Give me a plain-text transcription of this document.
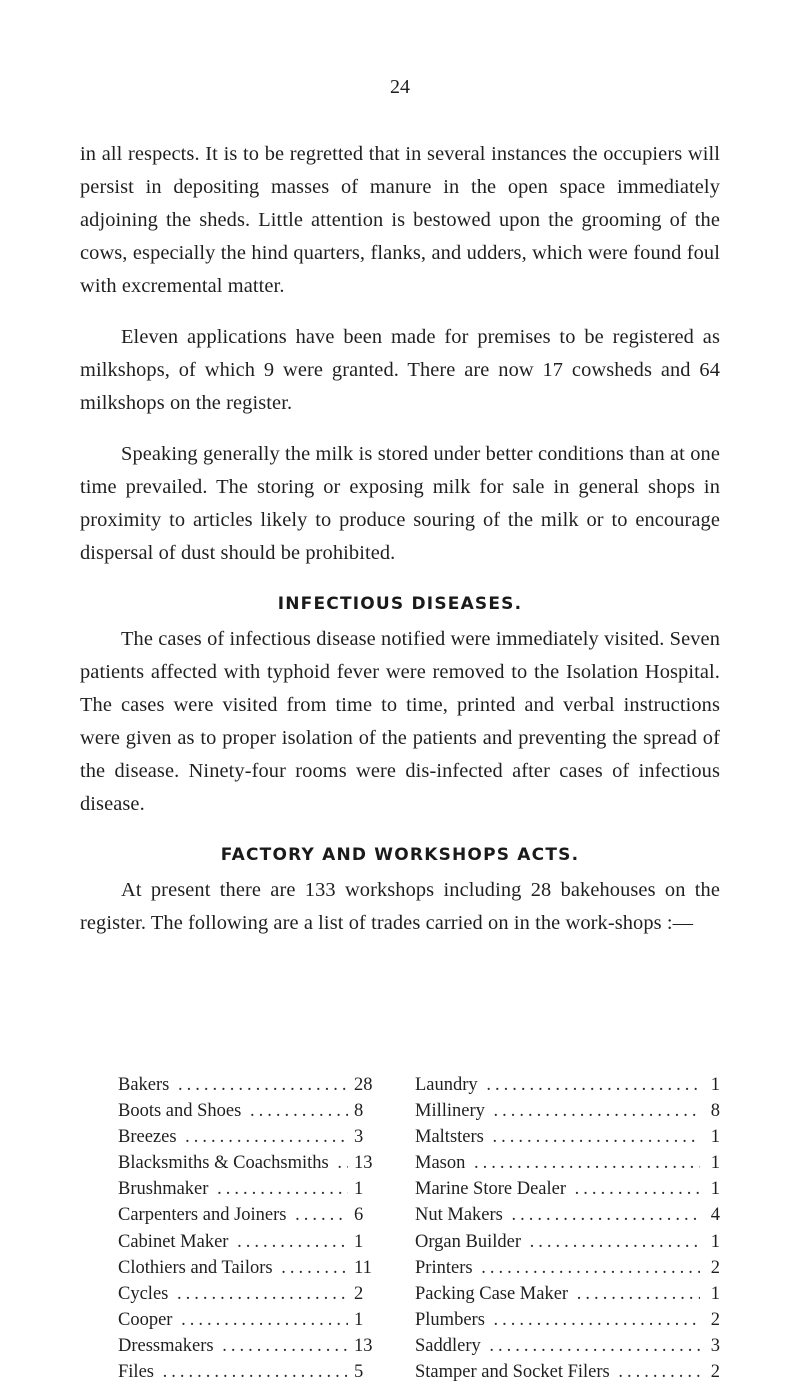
24

in all respects. It is to be regretted that in several instances the occupiers will persist in depositing masses of manure in the open space immediately adjoining the sheds. Little attention is bestowed upon the grooming of the cows, especially the hind quarters, flanks, and udders, which were found foul with excremental matter.

Eleven applications have been made for premises to be registered as milkshops, of which 9 were granted. There are now 17 cowsheds and 64 milkshops on the register.

Speaking generally the milk is stored under better conditions than at one time prevailed. The storing or exposing milk for sale in general shops in proximity to articles likely to produce souring of the milk or to encourage dispersal of dust should be prohibited.

INFECTIOUS DISEASES.

The cases of infectious disease notified were immediately visited. Seven patients affected with typhoid fever were removed to the Isolation Hospital. The cases were visited from time to time, printed and verbal instructions were given as to proper isolation of the patients and preventing the spread of the disease. Ninety-four rooms were dis-infected after cases of infectious disease.

FACTORY AND WORKSHOPS ACTS.

At present there are 133 workshops including 28 bakehouses on the register. The following are a list of trades carried on in the work-shops :—

Bakers .....	28
Boots and Shoes .....	8
Breezes .....	3
Blacksmiths & Coachsmiths .....	13
Brushmaker .....	1
Carpenters and Joiners .....	6
Cabinet Maker .....	1
Clothiers and Tailors .....	11
Cycles .....	2
Cooper .....	1
Dressmakers .....	13
Files .....	5
Laundry .....	1
Millinery .....	8
Maltsters .....	1
Mason .....	1
Marine Store Dealer .....	1
Nut Makers .....	4
Organ Builder .....	1
Printers .....	2
Packing Case Maker .....	1
Plumbers .....	2
Saddlery .....	3
Stamper and Socket Filers .....	2
